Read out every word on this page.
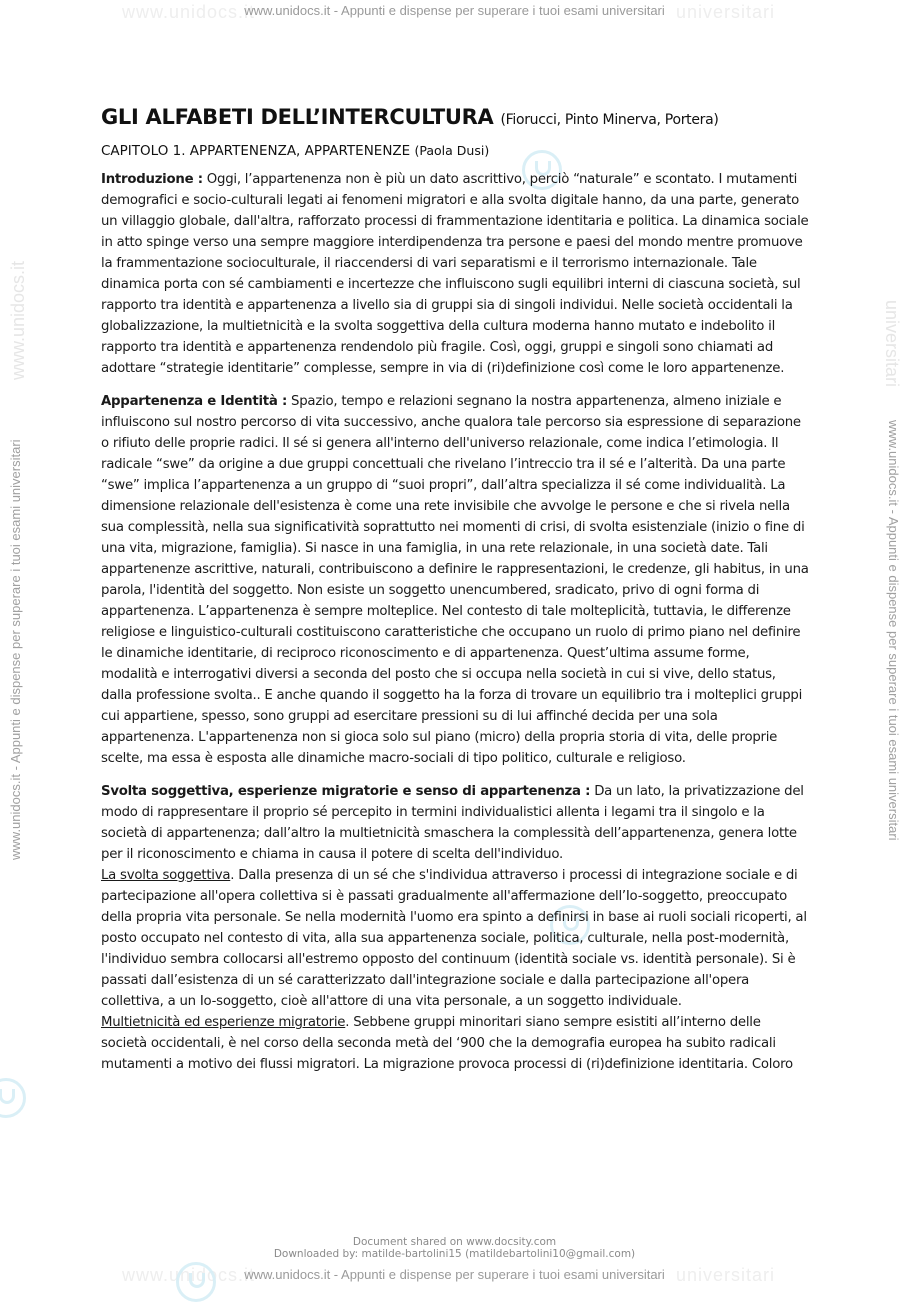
www.unidocs.it	universitari
www.unidocs.it	universitari
www.unidocs.it - Appunti e dispense per superare i tuoi esami universitari
www.unidocs.it - Appunti e dispense per superare i tuoi esami universitari
www.unidocs.it	universitari
www.unidocs.it - Appunti e dispense per superare i tuoi esami universitari	www.unidocs.it - Appunti e dispense per superare i tuoi esami universitari
GLI ALFABETI DELL’INTERCULTURA (Fiorucci, Pinto Minerva, Portera)
CAPITOLO 1. APPARTENENZA, APPARTENENZE (Paola Dusi)

Introduzione : Oggi, l’appartenenza non è più un dato ascrittivo, perciò “naturale” e scontato. I mutamenti demografici e socio-culturali legati ai fenomeni migratori e alla svolta digitale hanno, da una parte, generato un villaggio globale, dall'altra, rafforzato processi di frammentazione identitaria e politica. La dinamica sociale in atto spinge verso una sempre maggiore interdipendenza tra persone e paesi del mondo mentre promuove la frammentazione socioculturale, il riaccendersi di vari separatismi e il terrorismo internazionale. Tale dinamica porta con sé cambiamenti e incertezze che influiscono sugli equilibri interni di ciascuna società, sul rapporto tra identità e appartenenza a livello sia di gruppi sia di singoli individui. Nelle società occidentali la globalizzazione, la multietnicità e la svolta soggettiva della cultura moderna hanno mutato e indebolito il rapporto tra identità e appartenenza rendendolo più fragile. Così, oggi, gruppi e singoli sono chiamati ad adottare “strategie identitarie” complesse, sempre in via di (ri)definizione così come le loro appartenenze.

Appartenenza e Identità : Spazio, tempo e relazioni segnano la nostra appartenenza, almeno iniziale e influiscono sul nostro percorso di vita successivo, anche qualora tale percorso sia espressione di separazione o rifiuto delle proprie radici. Il sé si genera all'interno dell'universo relazionale, come indica l’etimologia. Il radicale “swe” da origine a due gruppi concettuali che rivelano l’intreccio tra il sé e l’alterità. Da una parte “swe” implica l’appartenenza a un gruppo di “suoi propri”, dall’altra specializza il sé come individualità. La dimensione relazionale dell'esistenza è come una rete invisibile che avvolge le persone e che si rivela nella sua complessità, nella sua significatività soprattutto nei momenti di crisi, di svolta esistenziale (inizio o fine di una vita, migrazione, famiglia). Si nasce in una famiglia, in una rete relazionale, in una società date. Tali appartenenze ascrittive, naturali, contribuiscono a definire le rappresentazioni, le credenze, gli habitus, in una parola, l'identità del soggetto. Non esiste un soggetto unencumbered, sradicato, privo di ogni forma di appartenenza. L’appartenenza è sempre molteplice. Nel contesto di tale molteplicità, tuttavia, le differenze religiose e linguistico-culturali costituiscono caratteristiche che occupano un ruolo di primo piano nel definire le dinamiche identitarie, di reciproco riconoscimento e di appartenenza. Quest’ultima assume forme, modalità e interrogativi diversi a seconda del posto che si occupa nella società in cui si vive, dello status, dalla professione svolta.. E anche quando il soggetto ha la forza di trovare un equilibrio tra i molteplici gruppi cui appartiene, spesso, sono gruppi ad esercitare pressioni su di lui affinché decida per una sola appartenenza. L'appartenenza non si gioca solo sul piano (micro) della propria storia di vita, delle proprie scelte, ma essa è esposta alle dinamiche macro-sociali di tipo politico, culturale e religioso.

Svolta soggettiva, esperienze migratorie e senso di appartenenza : Da un lato, la privatizzazione del modo di rappresentare il proprio sé percepito in termini individualistici allenta i legami tra il singolo e la società di appartenenza; dall’altro la multietnicità smaschera la complessità dell’appartenenza, genera lotte per il riconoscimento e chiama in causa il potere di scelta dell'individuo.
La svolta soggettiva. Dalla presenza di un sé che s'individua attraverso i processi di integrazione sociale e di partecipazione all'opera collettiva si è passati gradualmente all'affermazione dell’Io-soggetto, preoccupato della propria vita personale. Se nella modernità l'uomo era spinto a definirsi in base ai ruoli sociali ricoperti, al posto occupato nel contesto di vita, alla sua appartenenza sociale, politica, culturale, nella post-modernità, l'individuo sembra collocarsi all'estremo opposto del continuum (identità sociale vs. identità personale). Si è passati dall’esistenza di un sé caratterizzato dall'integrazione sociale e dalla partecipazione all'opera collettiva, a un Io-soggetto, cioè all'attore di una vita personale, a un soggetto individuale.
Multietnicità ed esperienze migratorie. Sebbene gruppi minoritari siano sempre esistiti all’interno delle società occidentali, è nel corso della seconda metà del ‘900 che la demografia europea ha subito radicali mutamenti a motivo dei flussi migratori. La migrazione provoca processi di (ri)definizione identitaria. Coloro

Document shared on www.docsity.com
Downloaded by: matilde-bartolini15 (matildebartolini10@gmail.com)
